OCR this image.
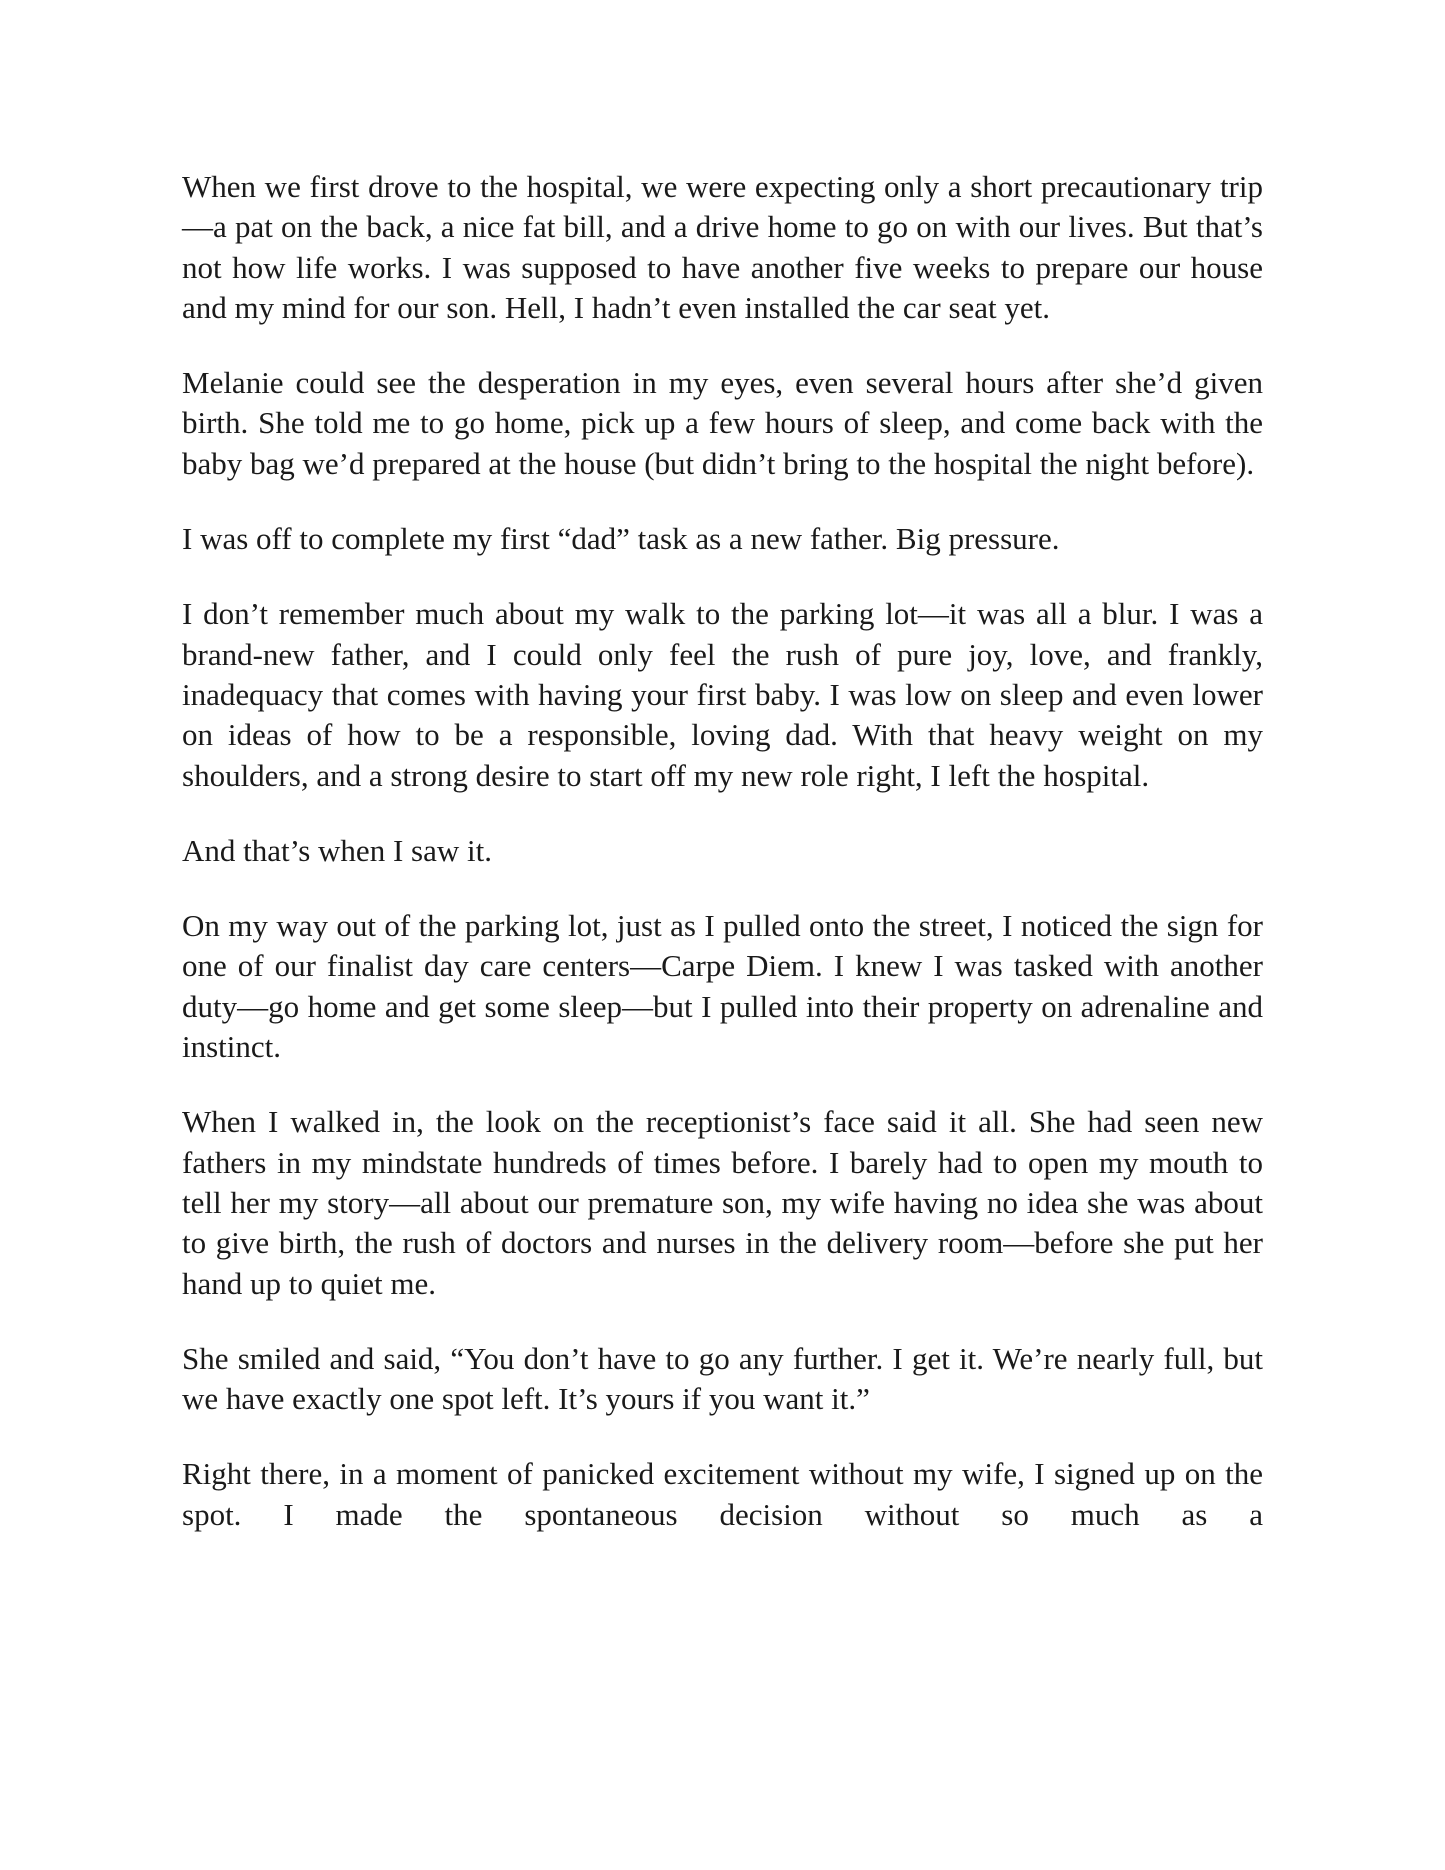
When we first drove to the hospital, we were expecting only a short precautionary trip—a pat on the back, a nice fat bill, and a drive home to go on with our lives. But that’s not how life works. I was supposed to have another five weeks to prepare our house and my mind for our son. Hell, I hadn’t even installed the car seat yet.

Melanie could see the desperation in my eyes, even several hours after she’d given birth. She told me to go home, pick up a few hours of sleep, and come back with the baby bag we’d prepared at the house (but didn’t bring to the hospital the night before).

I was off to complete my first “dad” task as a new father. Big pressure.

I don’t remember much about my walk to the parking lot—it was all a blur. I was a brand-new father, and I could only feel the rush of pure joy, love, and frankly, inadequacy that comes with having your first baby. I was low on sleep and even lower on ideas of how to be a responsible, loving dad. With that heavy weight on my shoulders, and a strong desire to start off my new role right, I left the hospital.

And that’s when I saw it.

On my way out of the parking lot, just as I pulled onto the street, I noticed the sign for one of our finalist day care centers—Carpe Diem. I knew I was tasked with another duty—go home and get some sleep—but I pulled into their property on adrenaline and instinct.

When I walked in, the look on the receptionist’s face said it all. She had seen new fathers in my mindstate hundreds of times before. I barely had to open my mouth to tell her my story—all about our premature son, my wife having no idea she was about to give birth, the rush of doctors and nurses in the delivery room—before she put her hand up to quiet me.

She smiled and said, “You don’t have to go any further. I get it. We’re nearly full, but we have exactly one spot left. It’s yours if you want it.”

Right there, in a moment of panicked excitement without my wife, I signed up on the spot. I made the spontaneous decision without so much as a
